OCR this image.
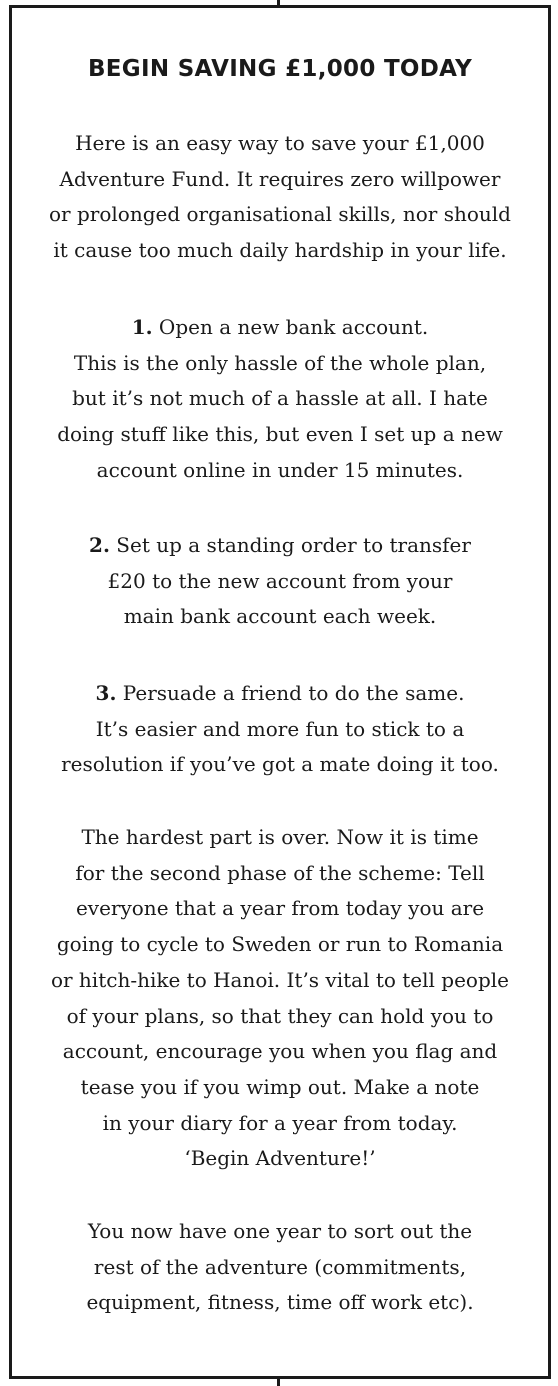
BEGIN SAVING £1,000 TODAY

Here is an easy way to save your £1,000
Adventure Fund. It requires zero willpower
or prolonged organisational skills, nor should
it cause too much daily hardship in your life.

1. Open a new bank account.
This is the only hassle of the whole plan,
but it’s not much of a hassle at all. I hate
doing stuff like this, but even I set up a new
account online in under 15 minutes.

2. Set up a standing order to transfer
£20 to the new account from your
main bank account each week.

3. Persuade a friend to do the same.
It’s easier and more fun to stick to a
resolution if you’ve got a mate doing it too.

The hardest part is over. Now it is time
for the second phase of the scheme: Tell
everyone that a year from today you are
going to cycle to Sweden or run to Romania
or hitch-hike to Hanoi. It’s vital to tell people
of your plans, so that they can hold you to
account, encourage you when you flag and
tease you if you wimp out. Make a note
in your diary for a year from today.
‘Begin Adventure!’

You now have one year to sort out the
rest of the adventure (commitments,
equipment, fitness, time off work etc).
